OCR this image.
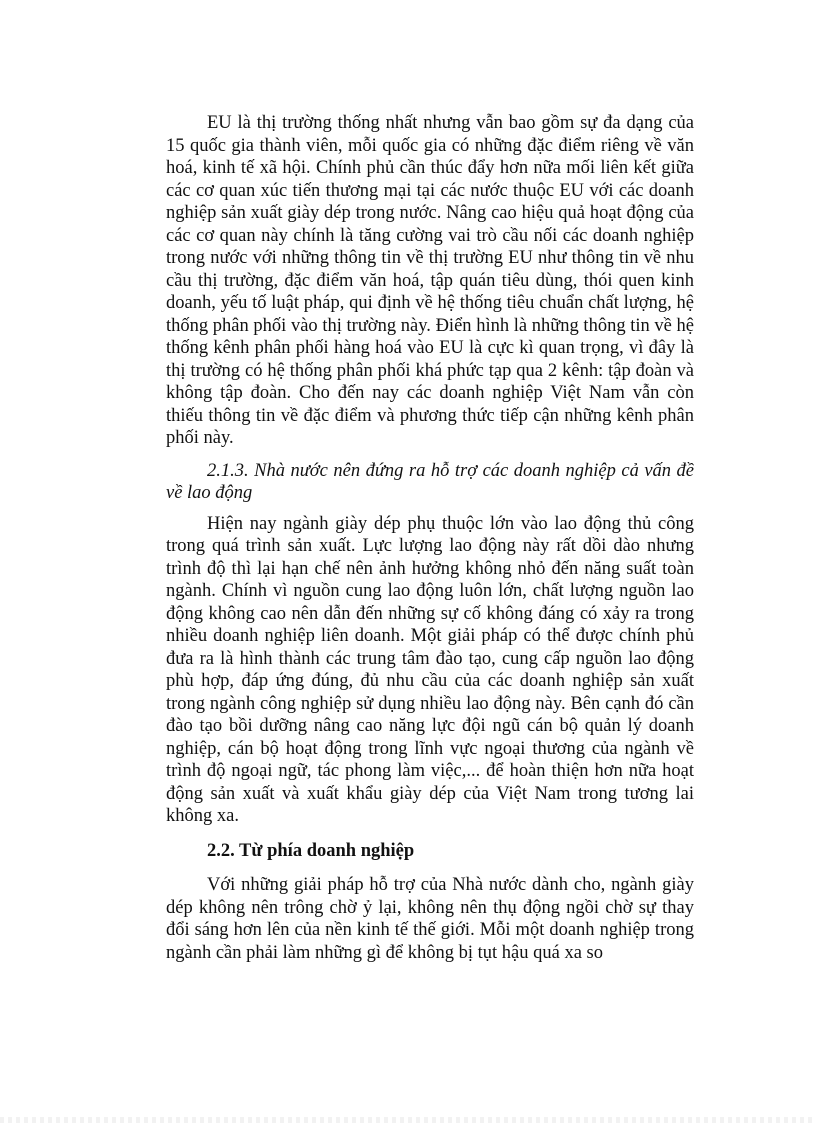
EU là thị trường thống nhất nhưng vẫn bao gồm sự đa dạng của 15 quốc gia thành viên, mỗi quốc gia có những đặc điểm riêng về văn hoá, kinh tế xã hội. Chính phủ cần thúc đẩy hơn nữa mối liên kết giữa các cơ quan xúc tiến thương mại tại các nước thuộc EU với các doanh nghiệp sản xuất giày dép trong nước. Nâng cao hiệu quả hoạt động của các cơ quan này chính là tăng cường vai trò cầu nối các doanh nghiệp trong nước với những thông tin về thị trường EU như thông tin về nhu cầu thị trường, đặc điểm văn hoá, tập quán tiêu dùng, thói quen kinh doanh, yếu tố luật pháp, qui định về hệ thống tiêu chuẩn chất lượng, hệ thống phân phối vào thị trường này. Điển hình là những thông tin về hệ thống kênh phân phối hàng hoá vào EU là cực kì quan trọng, vì đây là thị trường có hệ thống phân phối khá phức tạp qua 2 kênh: tập đoàn và không tập đoàn. Cho đến nay các doanh nghiệp Việt Nam vẫn còn thiếu thông tin về đặc điểm và phương thức tiếp cận những kênh phân phối này.

2.1.3. Nhà nước nên đứng ra hỗ trợ các doanh nghiệp cả vấn đề về lao động

Hiện nay ngành giày dép phụ thuộc lớn vào lao động thủ công trong quá trình sản xuất. Lực lượng lao động này rất dồi dào nhưng trình độ thì lại hạn chế nên ảnh hưởng không nhỏ đến năng suất toàn ngành. Chính vì nguồn cung lao động luôn lớn, chất lượng nguồn lao động không cao nên dẫn đến những sự cố không đáng có xảy ra trong nhiều doanh nghiệp liên doanh. Một giải pháp có thể được chính phủ đưa ra là hình thành các trung tâm đào tạo, cung cấp nguồn lao động phù hợp, đáp ứng đúng, đủ nhu cầu của các doanh nghiệp sản xuất trong ngành công nghiệp sử dụng nhiều lao động này. Bên cạnh đó cần đào tạo bồi dưỡng nâng cao năng lực đội ngũ cán bộ quản lý doanh nghiệp, cán bộ hoạt động trong lĩnh vực ngoại thương của ngành về trình độ ngoại ngữ, tác phong làm việc,... để hoàn thiện hơn nữa hoạt động sản xuất và xuất khẩu giày dép của Việt Nam trong tương lai không xa.

2.2. Từ phía doanh nghiệp

Với những giải pháp hỗ trợ của Nhà nước dành cho, ngành giày dép không nên trông chờ ỷ lại, không nên thụ động ngồi chờ sự thay đổi sáng hơn lên của nền kinh tế thế giới. Mỗi một doanh nghiệp trong ngành cần phải làm những gì để không bị tụt hậu quá xa so
